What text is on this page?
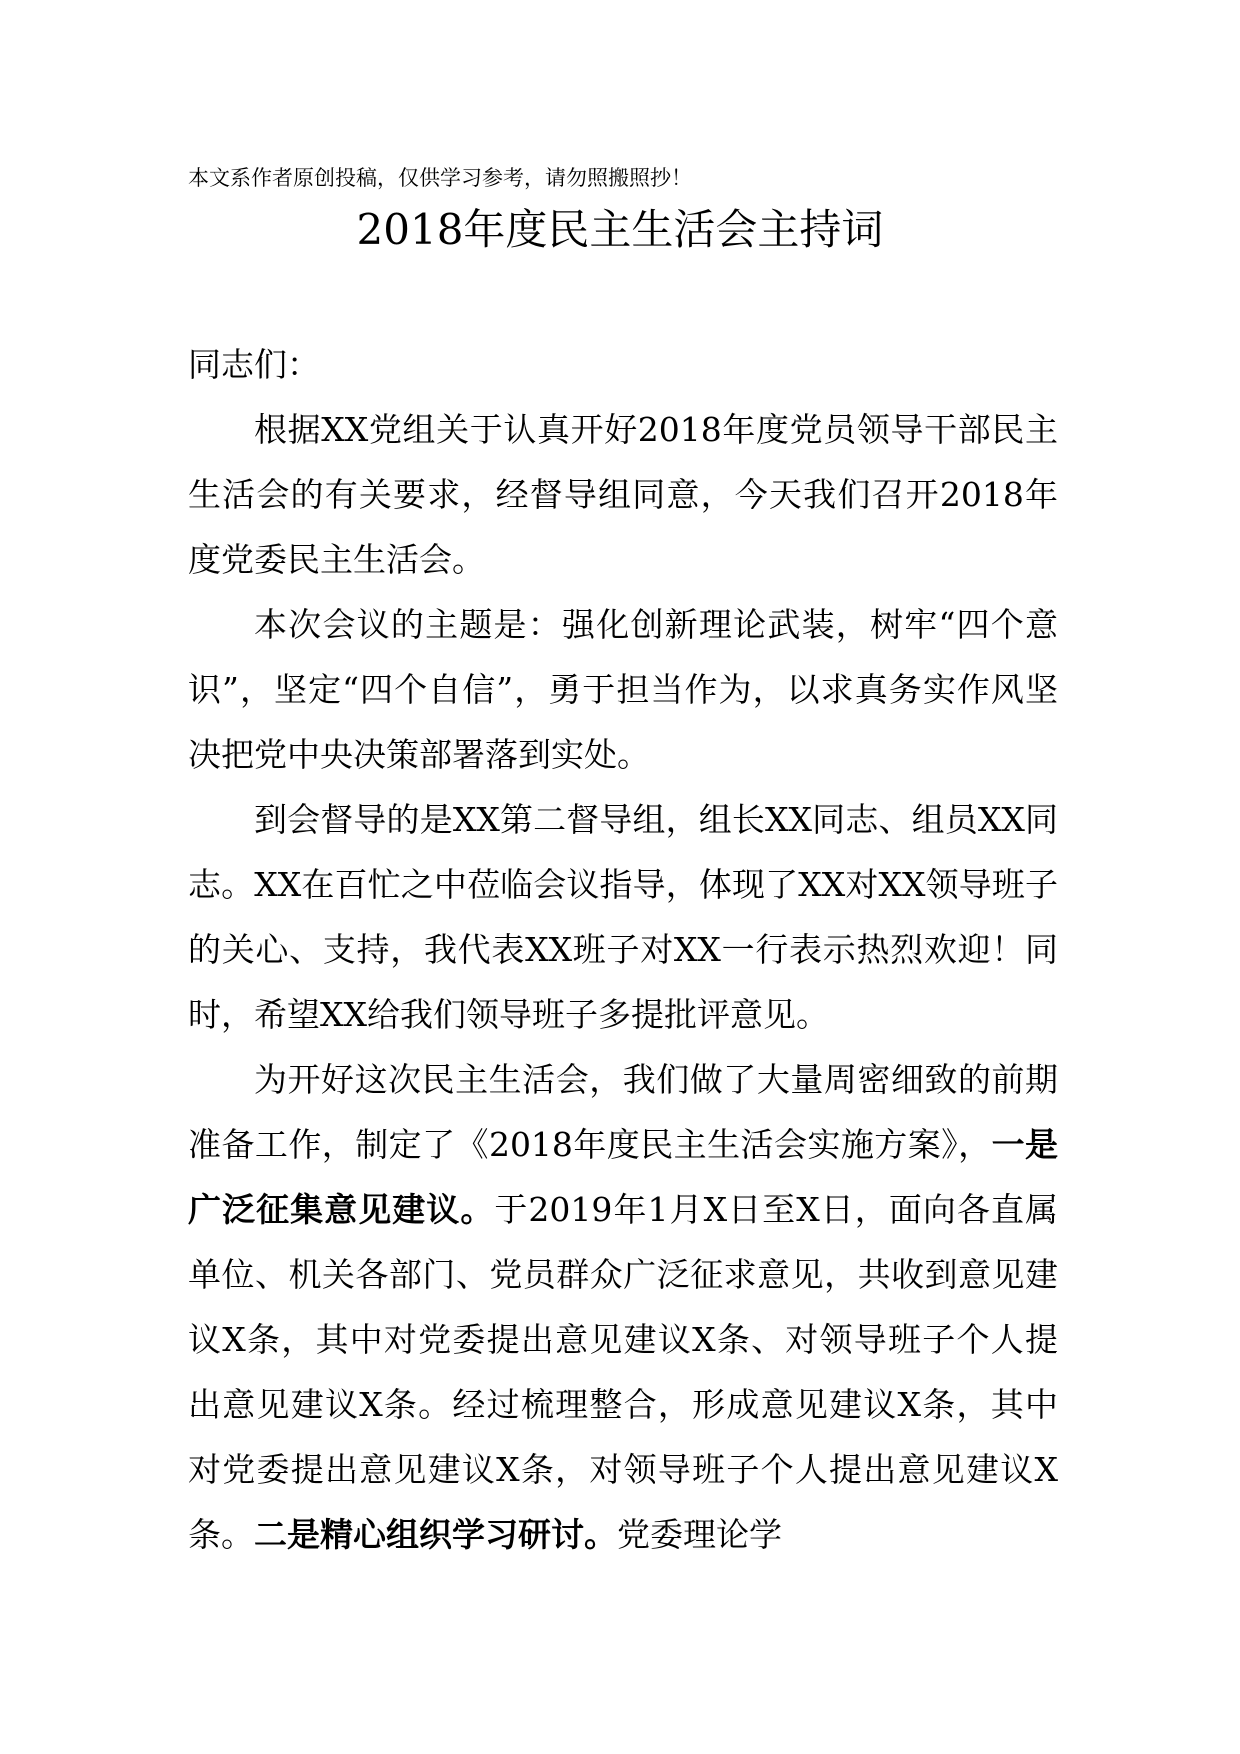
本文系作者原创投稿，仅供学习参考，请勿照搬照抄！
2018年度民主生活会主持词

同志们：

根据XX党组关于认真开好2018年度党员领导干部民主生活会的有关要求，经督导组同意，今天我们召开2018年度党委民主生活会。

本次会议的主题是：强化创新理论武装，树牢“四个意识”，坚定“四个自信”，勇于担当作为，以求真务实作风坚决把党中央决策部署落到实处。

到会督导的是XX第二督导组，组长XX同志、组员XX同志。XX在百忙之中莅临会议指导，体现了XX对XX领导班子的关心、支持，我代表XX班子对XX一行表示热烈欢迎！同时，希望XX给我们领导班子多提批评意见。

为开好这次民主生活会，我们做了大量周密细致的前期准备工作，制定了《2018年度民主生活会实施方案》，一是广泛征集意见建议。于2019年1月X日至X日，面向各直属单位、机关各部门、党员群众广泛征求意见，共收到意见建议X条，其中对党委提出意见建议X条、对领导班子个人提出意见建议X条。经过梳理整合，形成意见建议X条，其中对党委提出意见建议X条，对领导班子个人提出意见建议X条。二是精心组织学习研讨。党委理论学
